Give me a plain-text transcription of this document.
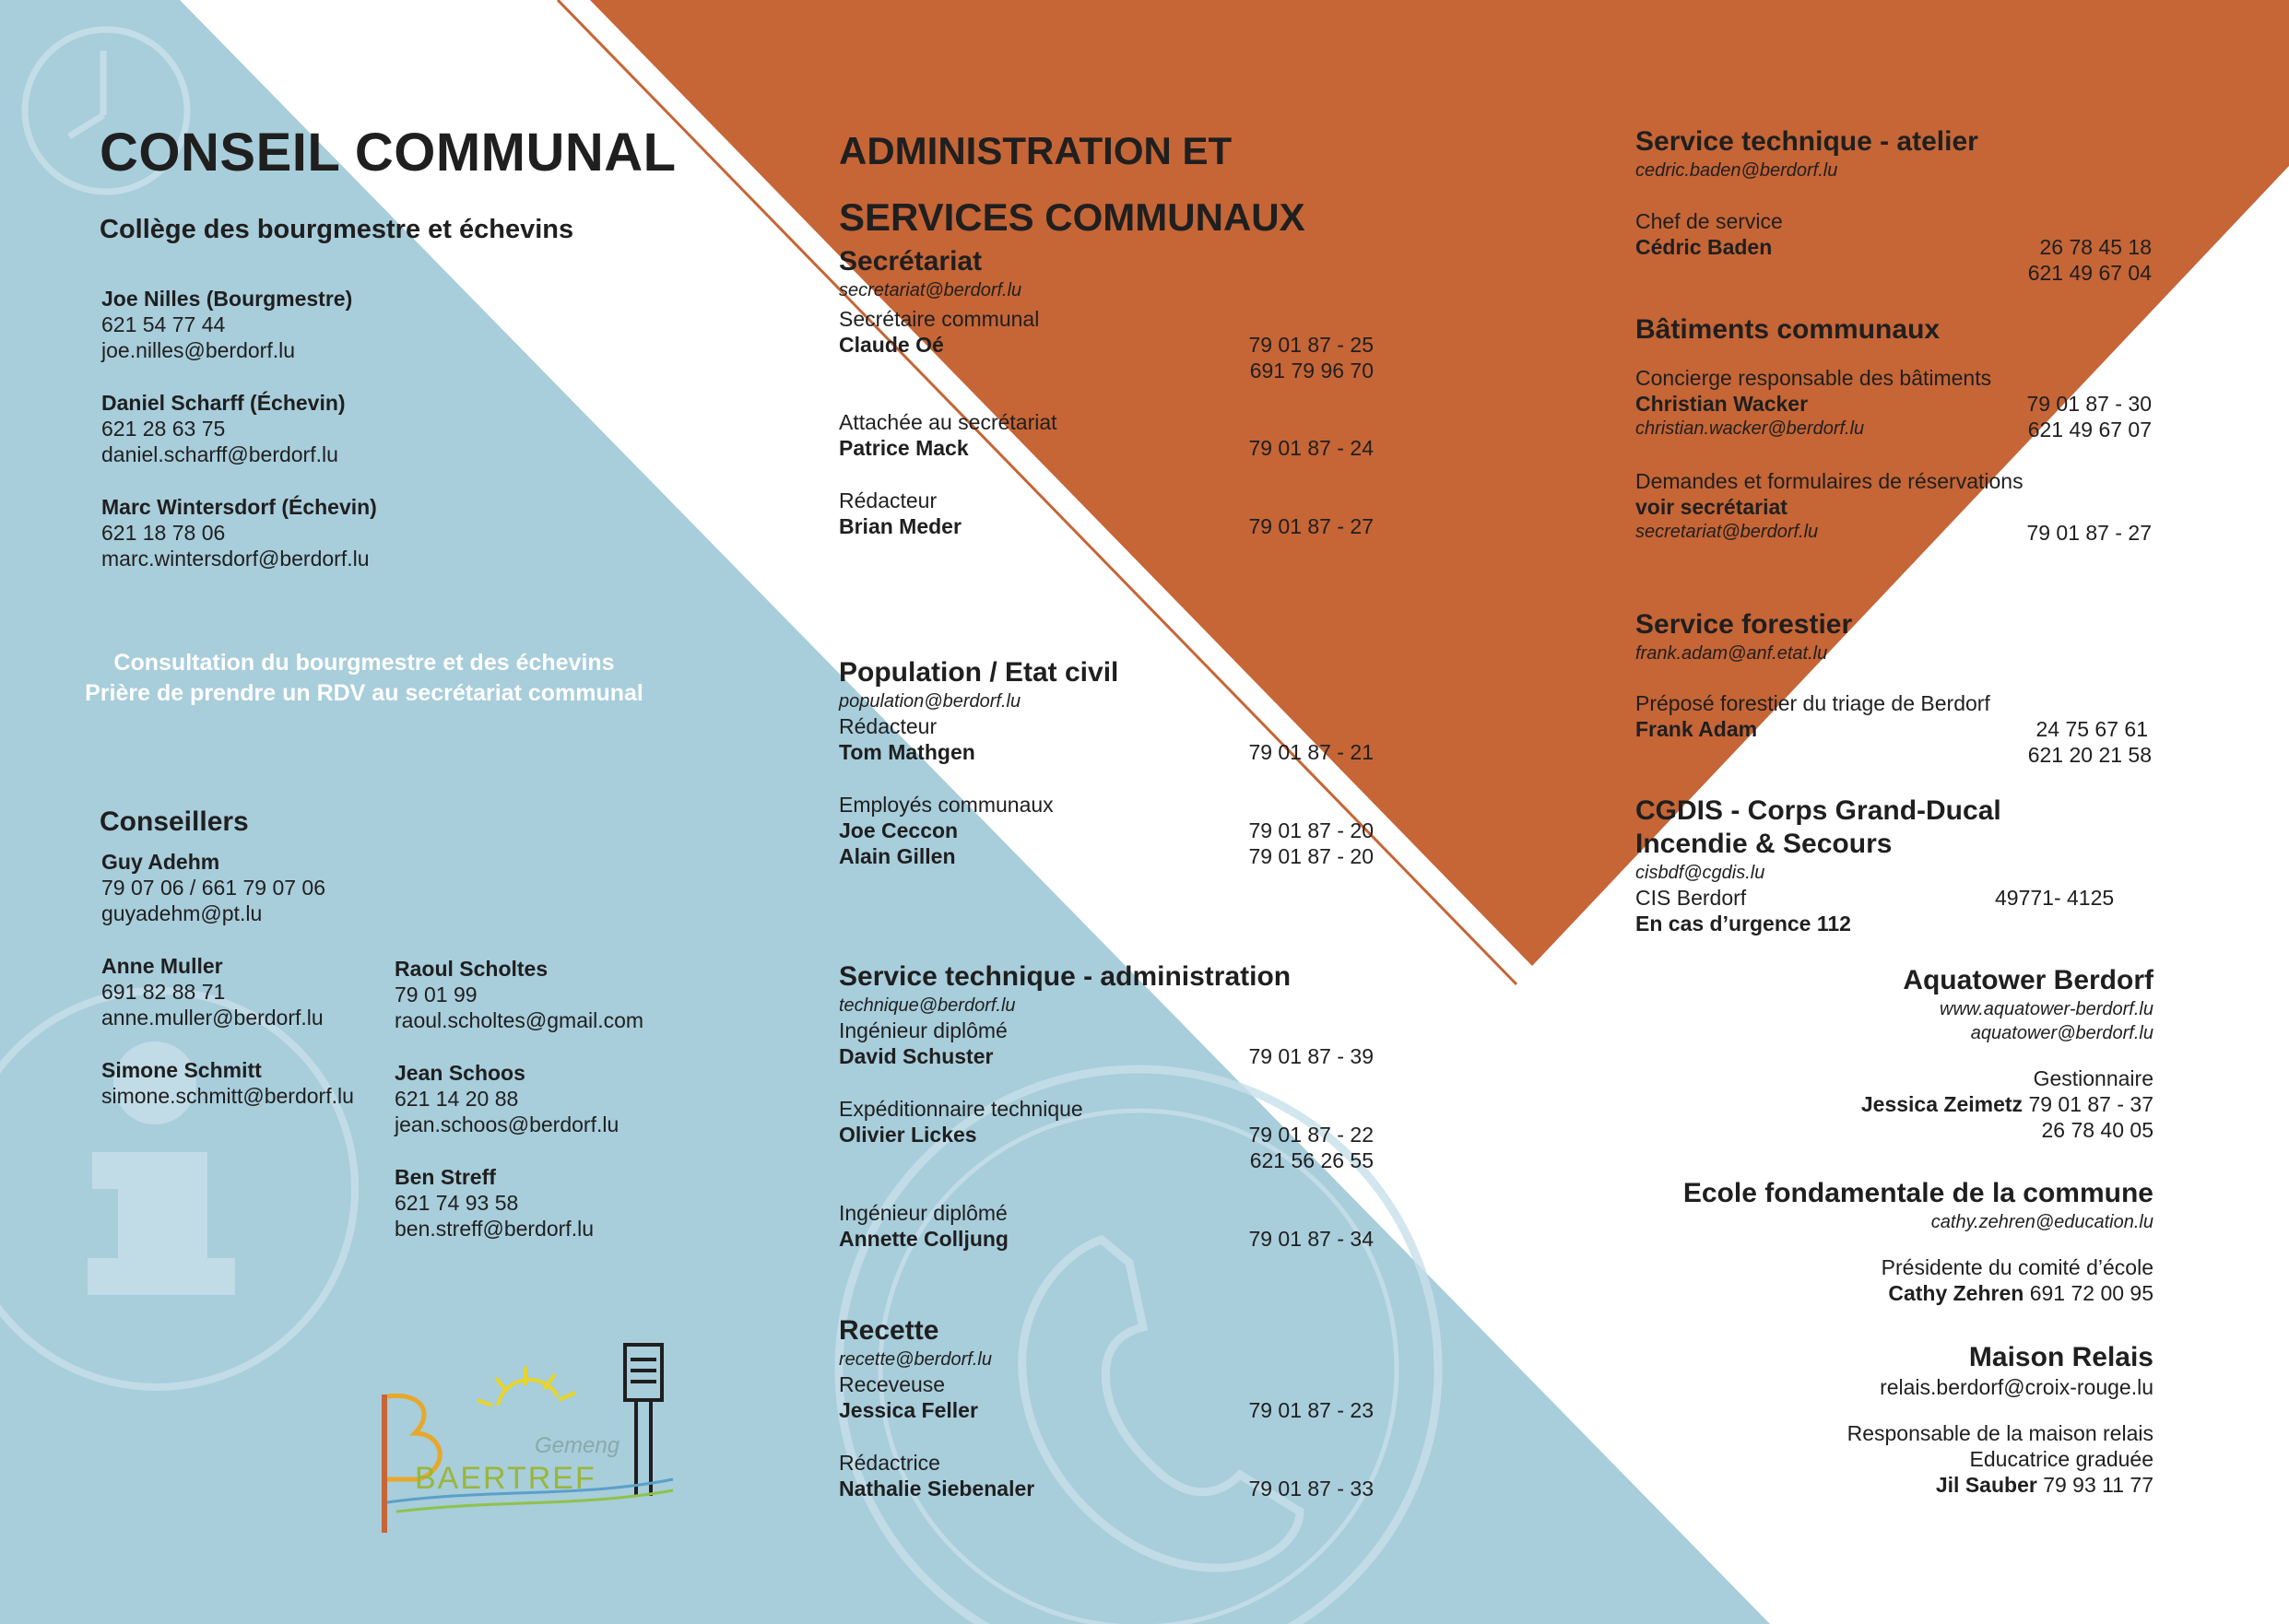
CONSEIL COMMUNAL
Collège des bourgmestre et échevins
Joe Nilles (Bourgmestre)
621 54 77 44
joe.nilles@berdorf.lu
Daniel Scharff (Échevin)
621 28 63 75
daniel.scharff@berdorf.lu
Marc Wintersdorf (Échevin)
621 18 78 06
marc.wintersdorf@berdorf.lu
Consultation du bourgmestre et des échevins
Prière de prendre un RDV au secrétariat communal
Conseillers
Guy Adehm
79 07 06 / 661 79 07 06
guyadehm@pt.lu
Anne Muller
691 82 88 71
anne.muller@berdorf.lu
Simone Schmitt
simone.schmitt@berdorf.lu
Raoul Scholtes
79 01 99
raoul.scholtes@gmail.com
Jean Schoos
621 14 20 88
jean.schoos@berdorf.lu
Ben Streff
621 74 93 58
ben.streff@berdorf.lu
Gemeng
BAERTREF
ADMINISTRATION ET
SERVICES COMMUNAUX
Secrétariat
secretariat@berdorf.lu
Secrétaire communal
Claude Oé	79 01 87 - 25
691 79 96 70
Attachée au secrétariat
Patrice Mack	79 01 87 - 24
Rédacteur
Brian Meder	79 01 87 - 27
Population / Etat civil
population@berdorf.lu
Rédacteur
Tom Mathgen	79 01 87 - 21
Employés communaux
Joe Ceccon	79 01 87 - 20
Alain Gillen	79 01 87 - 20
Service technique - administration
technique@berdorf.lu
Ingénieur diplômé
David Schuster	79 01 87 - 39
Expéditionnaire technique
Olivier Lickes	79 01 87 - 22
621 56 26 55
Ingénieur diplômé
Annette Colljung	79 01 87 - 34
Recette
recette@berdorf.lu
Receveuse
Jessica Feller	79 01 87 - 23
Rédactrice
Nathalie Siebenaler	79 01 87 - 33
Service technique - atelier
cedric.baden@berdorf.lu
Chef de service
Cédric Baden	26 78 45 18
621 49 67 04
Bâtiments communaux
Concierge responsable des bâtiments
Christian Wacker	79 01 87 - 30
christian.wacker@berdorf.lu	621 49 67 07
Demandes et formulaires de réservations
voir secrétariat
secretariat@berdorf.lu	79 01 87 - 27
Service forestier
frank.adam@anf.etat.lu
Préposé forestier du triage de Berdorf
Frank Adam	24 75 67 61
621 20 21 58
CGDIS - Corps Grand-Ducal
Incendie & Secours
cisbdf@cgdis.lu
CIS Berdorf	49771- 4125
En cas d’urgence 112
Aquatower Berdorf
www.aquatower-berdorf.lu
aquatower@berdorf.lu
Gestionnaire
Jessica Zeimetz 79 01 87 - 37
26 78 40 05
Ecole fondamentale de la commune
cathy.zehren@education.lu
Présidente du comité d’école
Cathy Zehren 691 72 00 95
Maison Relais
relais.berdorf@croix-rouge.lu
Responsable de la maison relais
Educatrice graduée
Jil Sauber 79 93 11 77
